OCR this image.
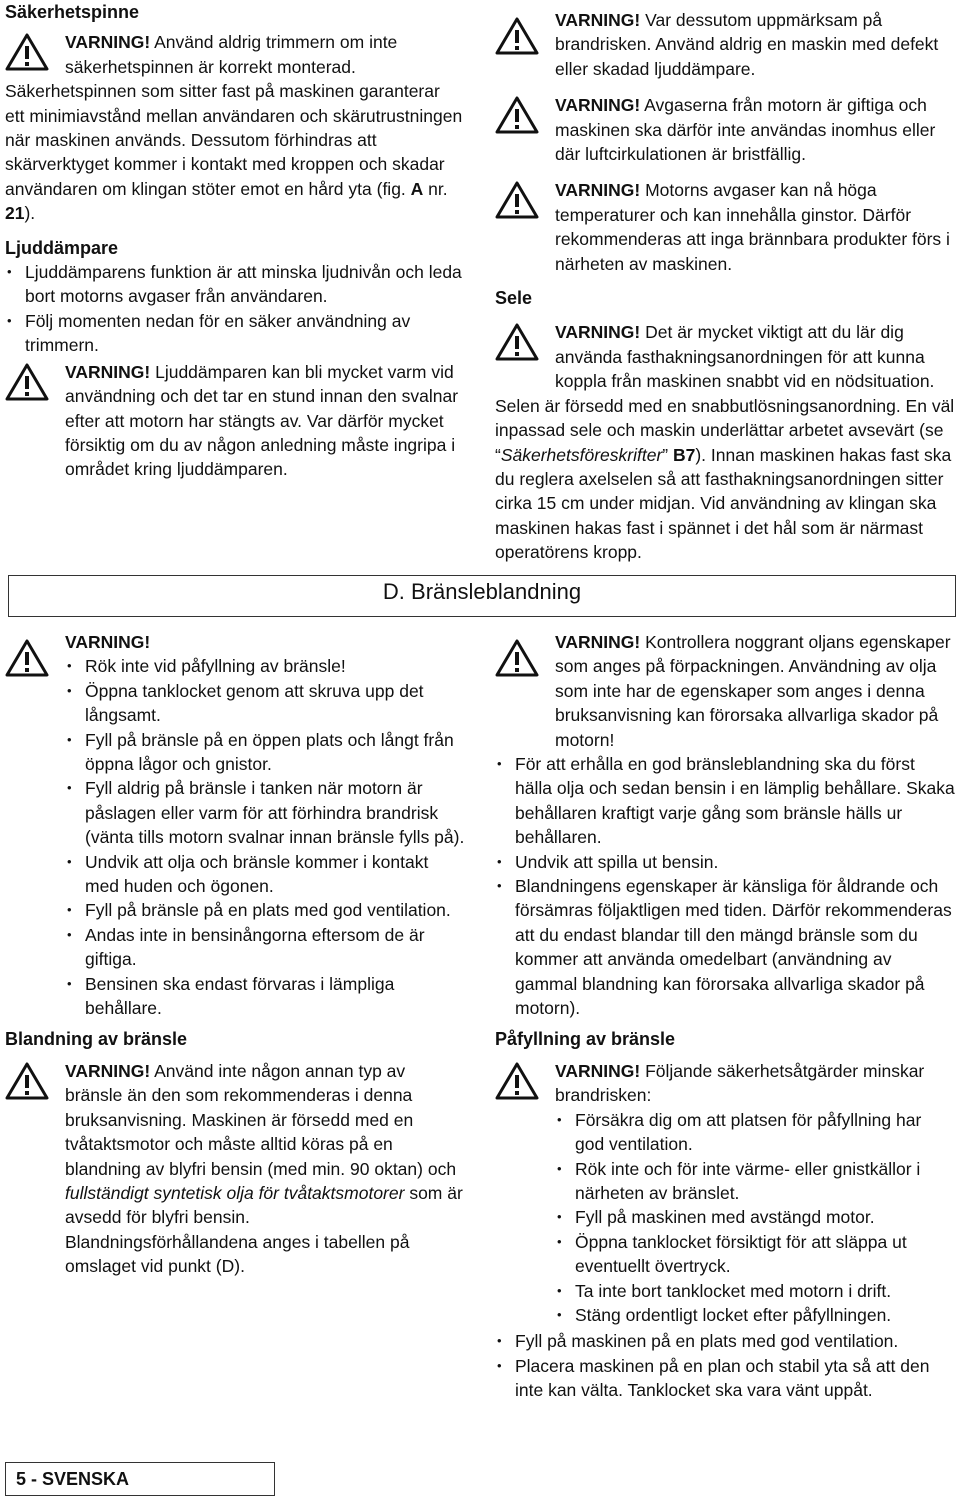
Säkerhetspinne

VARNING! Använd aldrig trimmern om inte säkerhetspinnen är korrekt monterad.

Säkerhetspinnen som sitter fast på maskinen garanterar ett minimiavstånd mellan användaren och skärutrustningen när maskinen används. Dessutom förhindras att skärverktyget kommer i kontakt med kroppen och skadar användaren om klingan stöter emot en hård yta (fig. A nr. 21).

Ljuddämpare

• Ljuddämparens funktion är att minska ljudnivån och leda bort motorns avgaser från användaren.
• Följ momenten nedan för en säker användning av trimmern.

VARNING! Ljuddämparen kan bli mycket varm vid användning och det tar en stund innan den svalnar efter att motorn har stängts av. Var därför mycket försiktig om du av någon anledning måste ingripa i området kring ljuddämparen.

VARNING! Var dessutom uppmärksam på brandrisken. Använd aldrig en maskin med defekt eller skadad ljuddämpare.

VARNING! Avgaserna från motorn är giftiga och maskinen ska därför inte användas inomhus eller där luftcirkulationen är bristfällig.

VARNING! Motorns avgaser kan nå höga temperaturer och kan innehålla ginstor. Därför rekommenderas att inga brännbara produkter förs i närheten av maskinen.

Sele

VARNING! Det är mycket viktigt att du lär dig använda fasthakningsanordningen för att kunna koppla från maskinen snabbt vid en nödsituation.

Selen är försedd med en snabbutlösningsanordning. En väl inpassad sele och maskin underlättar arbetet avsevärt (se “Säkerhetsföreskrifter” B7). Innan maskinen hakas fast ska du reglera axelselen så att fasthakningsanordningen sitter cirka 15 cm under midjan. Vid användning av klingan ska maskinen hakas fast i spännet i det hål som är närmast operatörens kropp.

D. Bränsleblandning

VARNING!

• Rök inte vid påfyllning av bränsle!
• Öppna tanklocket genom att skruva upp det långsamt.
• Fyll på bränsle på en öppen plats och långt från öppna lågor och gnistor.
• Fyll aldrig på bränsle i tanken när motorn är påslagen eller varm för att förhindra brandrisk (vänta tills motorn svalnar innan bränsle fylls på).
• Undvik att olja och bränsle kommer i kontakt med huden och ögonen.
• Fyll på bränsle på en plats med god ventilation.
• Andas inte in bensinångorna eftersom de är giftiga.
• Bensinen ska endast förvaras i lämpliga behållare.

Blandning av bränsle

VARNING! Använd inte någon annan typ av bränsle än den som rekommenderas i denna bruksanvisning. Maskinen är försedd med en tvåtaktsmotor och måste alltid köras på en blandning av blyfri bensin (med min. 90 oktan) och fullständigt syntetisk olja för tvåtaktsmotorer som är avsedd för blyfri bensin.

Blandningsförhållandena anges i tabellen på omslaget vid punkt (D).

VARNING! Kontrollera noggrant oljans egenskaper som anges på förpackningen. Användning av olja som inte har de egenskaper som anges i denna bruksanvisning kan förorsaka allvarliga skador på motorn!

• För att erhålla en god bränsleblandning ska du först hälla olja och sedan bensin i en lämplig behållare. Skaka behållaren kraftigt varje gång som bränsle hälls ur behållaren.
• Undvik att spilla ut bensin.
• Blandningens egenskaper är känsliga för åldrande och försämras följaktligen med tiden. Därför rekommenderas att du endast blandar till den mängd bränsle som du kommer att använda omedelbart (användning av gammal blandning kan förorsaka allvarliga skador på motorn).

Påfyllning av bränsle

VARNING! Följande säkerhetsåtgärder minskar brandrisken:

• Försäkra dig om att platsen för påfyllning har god ventilation.
• Rök inte och för inte värme- eller gnistkällor i närheten av bränslet.
• Fyll på maskinen med avstängd motor.
• Öppna tanklocket försiktigt för att släppa ut eventuellt övertryck.
• Ta inte bort tanklocket med motorn i drift.
• Stäng ordentligt locket efter påfyllningen.
• Fyll på maskinen på en plats med god ventilation.
• Placera maskinen på en plan och stabil yta så att den inte kan välta. Tanklocket ska vara vänt uppåt.
5 - SVENSKA
